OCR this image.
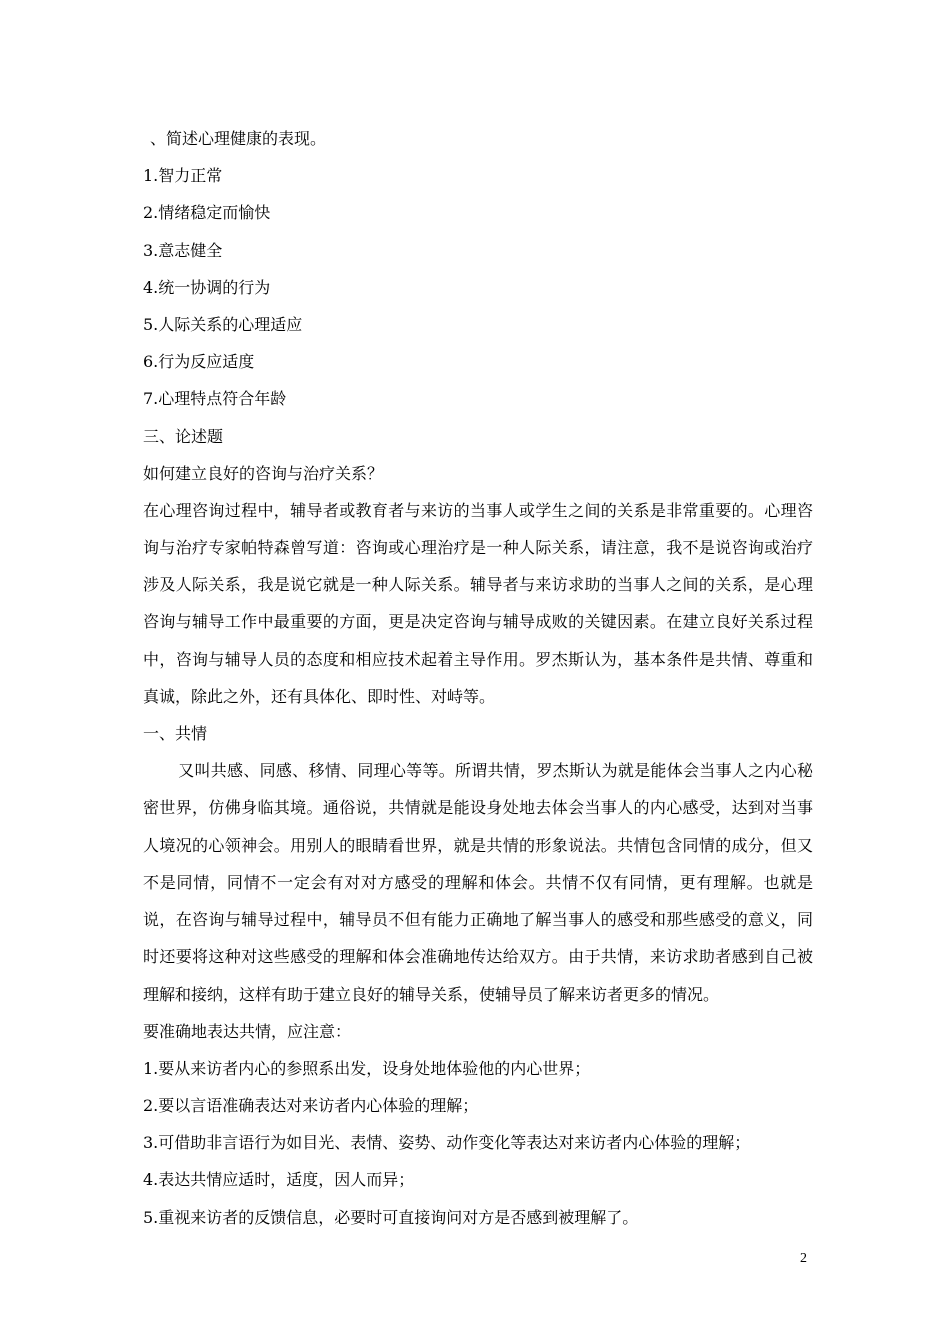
、简述心理健康的表现。
1.智力正常
2.情绪稳定而愉快
3.意志健全
4.统一协调的行为
5.人际关系的心理适应
6.行为反应适度
7.心理特点符合年龄
三、论述题
如何建立良好的咨询与治疗关系？

在心理咨询过程中，辅导者或教育者与来访的当事人或学生之间的关系是非常重要的。心理咨询与治疗专家帕特森曾写道：咨询或心理治疗是一种人际关系，请注意，我不是说咨询或治疗涉及人际关系，我是说它就是一种人际关系。辅导者与来访求助的当事人之间的关系，是心理咨询与辅导工作中最重要的方面，更是决定咨询与辅导成败的关键因素。在建立良好关系过程中，咨询与辅导人员的态度和相应技术起着主导作用。罗杰斯认为，基本条件是共情、尊重和真诚，除此之外，还有具体化、即时性、对峙等。

一、共情

又叫共感、同感、移情、同理心等等。所谓共情，罗杰斯认为就是能体会当事人之内心秘密世界，仿佛身临其境。通俗说，共情就是能设身处地去体会当事人的内心感受，达到对当事人境况的心领神会。用别人的眼睛看世界，就是共情的形象说法。共情包含同情的成分，但又不是同情，同情不一定会有对对方感受的理解和体会。共情不仅有同情，更有理解。也就是说，在咨询与辅导过程中，辅导员不但有能力正确地了解当事人的感受和那些感受的意义，同时还要将这种对这些感受的理解和体会准确地传达给双方。由于共情，来访求助者感到自己被理解和接纳，这样有助于建立良好的辅导关系，使辅导员了解来访者更多的情况。

要准确地表达共情，应注意：
1.要从来访者内心的参照系出发，设身处地体验他的内心世界；
2.要以言语准确表达对来访者内心体验的理解；
3.可借助非言语行为如目光、表情、姿势、动作变化等表达对来访者内心体验的理解；
4.表达共情应适时，适度，因人而异；
5.重视来访者的反馈信息，必要时可直接询问对方是否感到被理解了。
2
